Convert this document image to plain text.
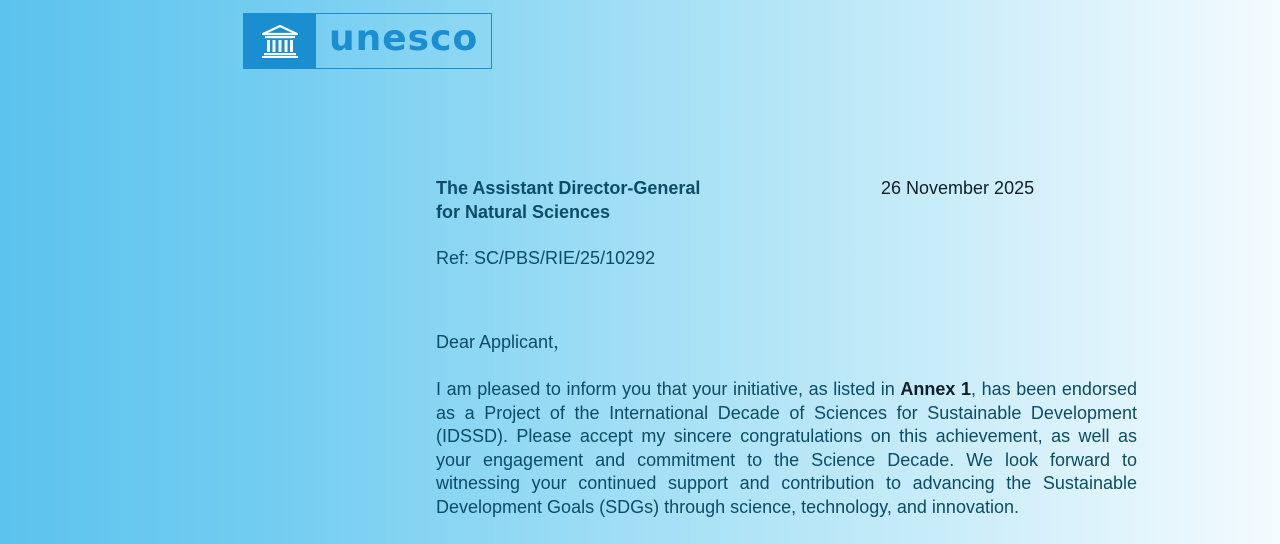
unesco
The Assistant Director-General
for Natural Sciences
26 November 2025
Ref: SC/PBS/RIE/25/10292
Dear Applicant，

I am pleased to inform you that your initiative, as listed in Annex 1, has been endorsed as a Project of the International Decade of Sciences for Sustainable Development (IDSSD). Please accept my sincere congratulations on this achievement, as well as your engagement and commitment to the Science Decade. We look forward to witnessing your continued support and contribution to advancing the Sustainable Development Goals (SDGs) through science, technology, and innovation.
